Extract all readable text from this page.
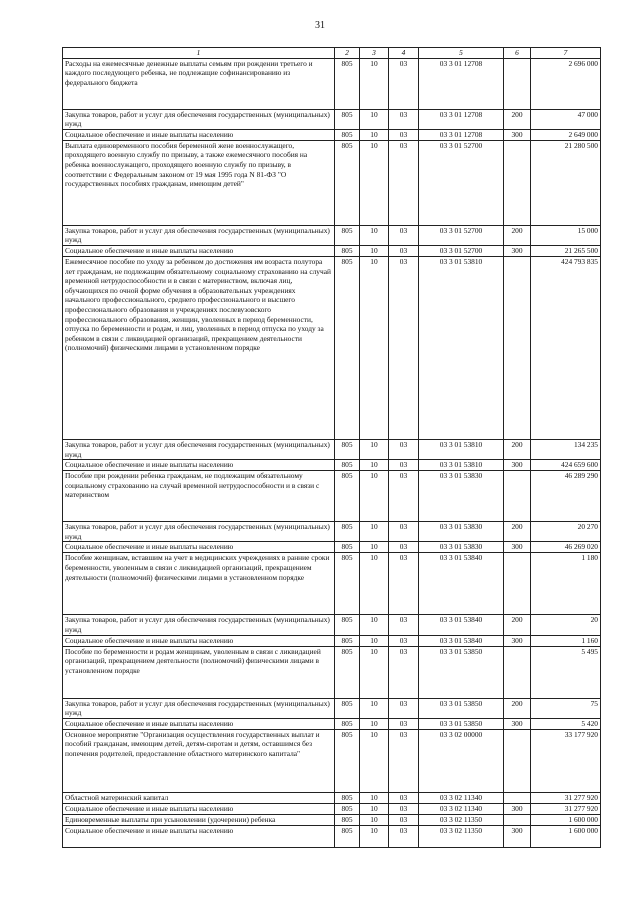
31
1	2	3	4	5	6	7
Расходы на ежемесячные денежные выплаты семьям при рождении третьего и каждого последующего ребенка, не подлежащие софинансированию из федерального бюджета	805	10	03	03 3 01 12708		2 696 000
Закупка товаров, работ и услуг для обеспечения государственных (муниципальных) нужд	805	10	03	03 3 01 12708	200	47 000
Социальное обеспечение и иные выплаты населению	805	10	03	03 3 01 12708	300	2 649 000
Выплата единовременного пособия беременной жене военнослужащего, проходящего военную службу по призыву, а также ежемесячного пособия на ребенка военнослужащего, проходящего военную службу по призыву, в соответствии с Федеральным законом от 19 мая 1995 года N 81-ФЗ "О государственных пособиях гражданам, имеющим детей"	805	10	03	03 3 01 52700		21 280 500
Закупка товаров, работ и услуг для обеспечения государственных (муниципальных) нужд	805	10	03	03 3 01 52700	200	15 000
Социальное обеспечение и иные выплаты населению	805	10	03	03 3 01 52700	300	21 265 500
Ежемесячное пособие по уходу за ребенком до достижения им возраста полутора лет гражданам, не подлежащим обязательному социальному страхованию на случай временной нетрудоспособности и в связи с материнством, включая лиц, обучающихся по очной форме обучения в образовательных учреждениях начального профессионального, среднего профессионального и высшего профессионального образования и учреждениях послевузовского профессионального образования, женщин, уволенных в период беременности, отпуска по беременности и родам, и лиц, уволенных в период отпуска по уходу за ребенком в связи с ликвидацией организаций, прекращением деятельности (полномочий) физическими лицами в установленном порядке	805	10	03	03 3 01 53810		424 793 835
Закупка товаров, работ и услуг для обеспечения государственных (муниципальных) нужд	805	10	03	03 3 01 53810	200	134 235
Социальное обеспечение и иные выплаты населению	805	10	03	03 3 01 53810	300	424 659 600
Пособие при рождении ребенка гражданам, не подлежащим обязательному социальному страхованию на случай временной нетрудоспособности и в связи с материнством	805	10	03	03 3 01 53830		46 289 290
Закупка товаров, работ и услуг для обеспечения государственных (муниципальных) нужд	805	10	03	03 3 01 53830	200	20 270
Социальное обеспечение и иные выплаты населению	805	10	03	03 3 01 53830	300	46 269 020
Пособие женщинам, вставшим на учет в медицинских учреждениях в ранние сроки беременности, уволенным в связи с ликвидацией организаций, прекращением деятельности (полномочий) физическими лицами в установленном порядке	805	10	03	03 3 01 53840		1 180
Закупка товаров, работ и услуг для обеспечения государственных (муниципальных) нужд	805	10	03	03 3 01 53840	200	20
Социальное обеспечение и иные выплаты населению	805	10	03	03 3 01 53840	300	1 160
Пособие по беременности и родам женщинам, уволенным в связи с ликвидацией организаций, прекращением деятельности (полномочий) физическими лицами в установленном порядке	805	10	03	03 3 01 53850		5 495
Закупка товаров, работ и услуг для обеспечения государственных (муниципальных) нужд	805	10	03	03 3 01 53850	200	75
Социальное обеспечение и иные выплаты населению	805	10	03	03 3 01 53850	300	5 420
Основное мероприятие "Организация осуществления государственных выплат и пособий гражданам, имеющим детей, детям-сиротам и детям, оставшимся без попечения родителей, предоставление областного материнского капитала"	805	10	03	03 3 02 00000		33 177 920
Областной материнский капитал	805	10	03	03 3 02 11340		31 277 920
Социальное обеспечение и иные выплаты населению	805	10	03	03 3 02 11340	300	31 277 920
Единовременные выплаты при усыновлении (удочерении) ребенка	805	10	03	03 3 02 11350		1 600 000
Социальное обеспечение и иные выплаты населению	805	10	03	03 3 02 11350	300	1 600 000
